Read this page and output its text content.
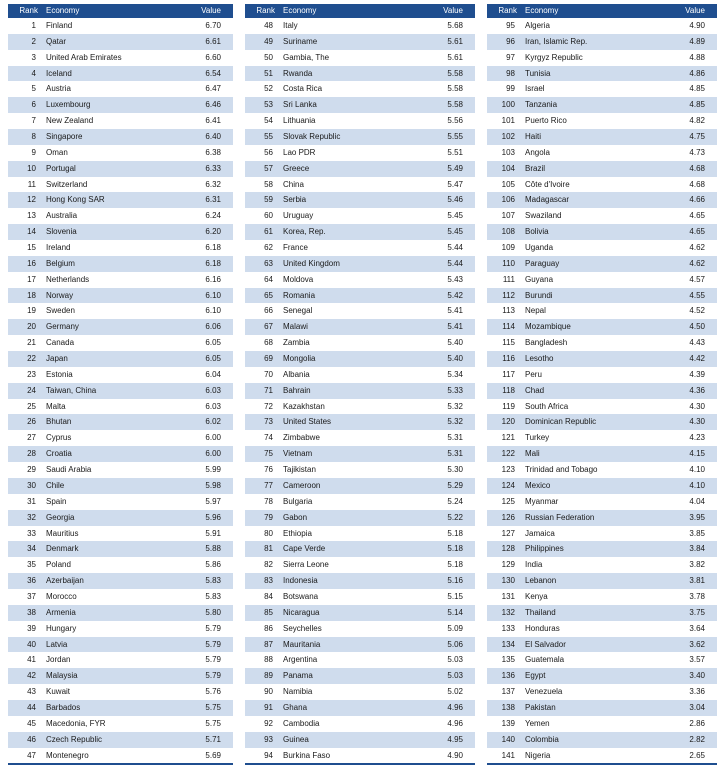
Rank Economy	Value
1 Finland	6.70
2 Qatar	6.61
3 United Arab Emirates	6.60
4 Iceland	6.54
5 Austria	6.47
6 Luxembourg	6.46
7 New Zealand	6.41
8 Singapore	6.40
9 Oman	6.38
10 Portugal	6.33
11 Switzerland	6.32
12 Hong Kong SAR	6.31
13 Australia	6.24
14 Slovenia	6.20
15 Ireland	6.18
16 Belgium	6.18
17 Netherlands	6.16
18 Norway	6.10
19 Sweden	6.10
20 Germany	6.06
21 Canada	6.05
22 Japan	6.05
23 Estonia	6.04
24 Taiwan, China	6.03
25 Malta	6.03
26 Bhutan	6.02
27 Cyprus	6.00
28 Croatia	6.00
29 Saudi Arabia	5.99
30 Chile	5.98
31 Spain	5.97
32 Georgia	5.96
33 Mauritius	5.91
34 Denmark	5.88
35 Poland	5.86
36 Azerbaijan	5.83
37 Morocco	5.83
38 Armenia	5.80
39 Hungary	5.79
40 Latvia	5.79
41 Jordan	5.79
42 Malaysia	5.79
43 Kuwait	5.76
44 Barbados	5.75
45 Macedonia, FYR	5.75
46 Czech Republic	5.71
47 Montenegro	5.69
Rank Economy	Value
48 Italy	5.68
49 Suriname	5.61
50 Gambia, The	5.61
51 Rwanda	5.58
52 Costa Rica	5.58
53 Sri Lanka	5.58
54 Lithuania	5.56
55 Slovak Republic	5.55
56 Lao PDR	5.51
57 Greece	5.49
58 China	5.47
59 Serbia	5.46
60 Uruguay	5.45
61 Korea, Rep.	5.45
62 France	5.44
63 United Kingdom	5.44
64 Moldova	5.43
65 Romania	5.42
66 Senegal	5.41
67 Malawi	5.41
68 Zambia	5.40
69 Mongolia	5.40
70 Albania	5.34
71 Bahrain	5.33
72 Kazakhstan	5.32
73 United States	5.32
74 Zimbabwe	5.31
75 Vietnam	5.31
76 Tajikistan	5.30
77 Cameroon	5.29
78 Bulgaria	5.24
79 Gabon	5.22
80 Ethiopia	5.18
81 Cape Verde	5.18
82 Sierra Leone	5.18
83 Indonesia	5.16
84 Botswana	5.15
85 Nicaragua	5.14
86 Seychelles	5.09
87 Mauritania	5.06
88 Argentina	5.03
89 Panama	5.03
90 Namibia	5.02
91 Ghana	4.96
92 Cambodia	4.96
93 Guinea	4.95
94 Burkina Faso	4.90
Rank Economy	Value
95 Algeria	4.90
96 Iran, Islamic Rep.	4.89
97 Kyrgyz Republic	4.88
98 Tunisia	4.86
99 Israel	4.85
100 Tanzania	4.85
101 Puerto Rico	4.82
102 Haiti	4.75
103 Angola	4.73
104 Brazil	4.68
105 Côte d'Ivoire	4.68
106 Madagascar	4.66
107 Swaziland	4.65
108 Bolivia	4.65
109 Uganda	4.62
110 Paraguay	4.62
111 Guyana	4.57
112 Burundi	4.55
113 Nepal	4.52
114 Mozambique	4.50
115 Bangladesh	4.43
116 Lesotho	4.42
117 Peru	4.39
118 Chad	4.36
119 South Africa	4.30
120 Dominican Republic	4.30
121 Turkey	4.23
122 Mali	4.15
123 Trinidad and Tobago	4.10
124 Mexico	4.10
125 Myanmar	4.04
126 Russian Federation	3.95
127 Jamaica	3.85
128 Philippines	3.84
129 India	3.82
130 Lebanon	3.81
131 Kenya	3.78
132 Thailand	3.75
133 Honduras	3.64
134 El Salvador	3.62
135 Guatemala	3.57
136 Egypt	3.40
137 Venezuela	3.36
138 Pakistan	3.04
139 Yemen	2.86
140 Colombia	2.82
141 Nigeria	2.65
